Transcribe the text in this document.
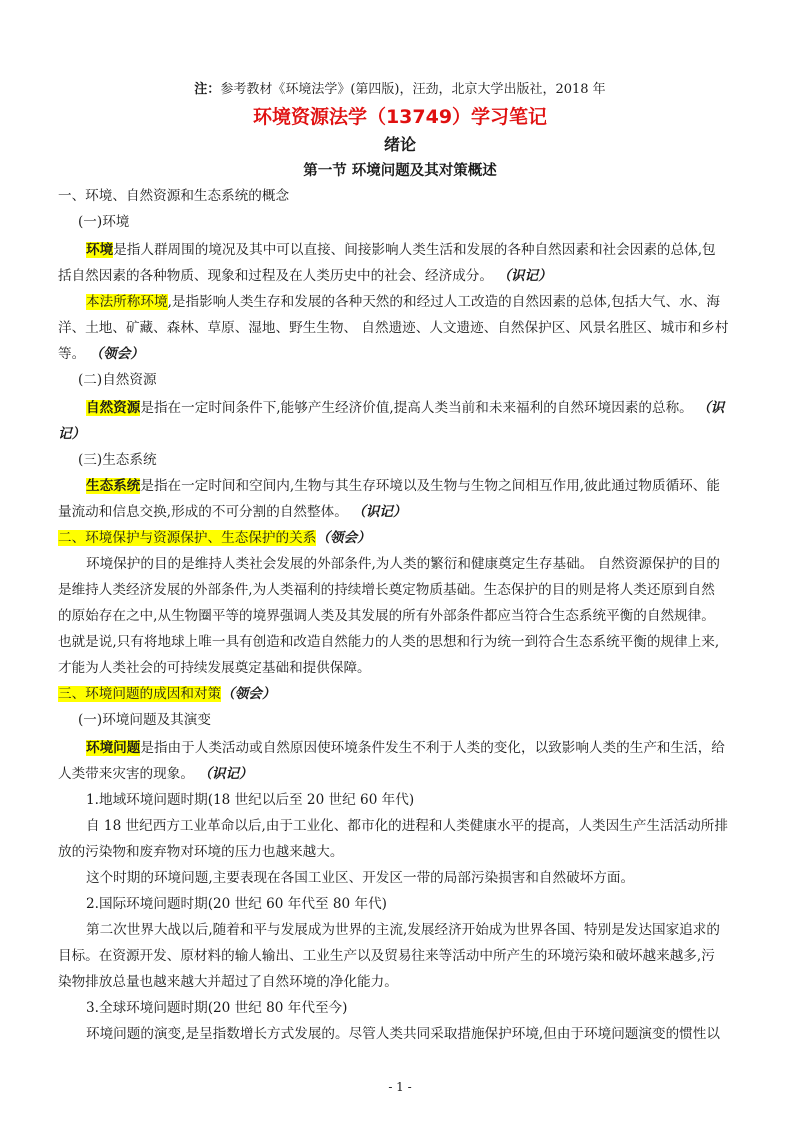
注：参考教材《环境法学》(第四版)，汪劲，北京大学出版社，2018 年
环境资源法学（13749）学习笔记
绪论
第一节 环境问题及其对策概述
一、环境、自然资源和生态系统的概念
(一)环境
环境是指人群周围的境况及其中可以直接、间接影响人类生活和发展的各种自然因素和社会因素的总体,包
括自然因素的各种物质、现象和过程及在人类历史中的社会、经济成分。 （识记）
本法所称环境,是指影响人类生存和发展的各种天然的和经过人工改造的自然因素的总体,包括大气、水、海
洋、土地、矿藏、森林、草原、湿地、野生生物、 自然遗迹、人文遗迹、自然保护区、风景名胜区、城市和乡村
等。 （领会）
(二)自然资源
自然资源是指在一定时间条件下,能够产生经济价值,提高人类当前和未来福利的自然环境因素的总称。 （识
记）
(三)生态系统
生态系统是指在一定时间和空间内,生物与其生存环境以及生物与生物之间相互作用,彼此通过物质循环、能
量流动和信息交换,形成的不可分割的自然整体。 （识记）
二、环境保护与资源保护、生态保护的关系（领会）
环境保护的目的是维持人类社会发展的外部条件,为人类的繁衍和健康奠定生存基础。 自然资源保护的目的
是维持人类经济发展的外部条件,为人类福利的持续增长奠定物质基础。生态保护的目的则是将人类还原到自然
的原始存在之中,从生物圈平等的境界强调人类及其发展的所有外部条件都应当符合生态系统平衡的自然规律。
也就是说,只有将地球上唯一具有创造和改造自然能力的人类的思想和行为统一到符合生态系统平衡的规律上来,
才能为人类社会的可持续发展奠定基础和提供保障。
三、环境问题的成因和对策（领会）
(一)环境问题及其演变
环境问题是指由于人类活动或自然原因使环境条件发生不利于人类的变化，以致影响人类的生产和生活，给
人类带来灾害的现象。 （识记）
1.地域环境问题时期(18 世纪以后至 20 世纪 60 年代)
自 18 世纪西方工业革命以后,由于工业化、都市化的进程和人类健康水平的提高，人类因生产生活活动所排
放的污染物和废弃物对环境的压力也越来越大。
这个时期的环境问题,主要表现在各国工业区、开发区一带的局部污染损害和自然破坏方面。
2.国际环境问题时期(20 世纪 60 年代至 80 年代)
第二次世界大战以后,随着和平与发展成为世界的主流,发展经济开始成为世界各国、特别是发达国家追求的
目标。在资源开发、原材料的输人输出、工业生产以及贸易往来等活动中所产生的环境污染和破坏越来越多,污
染物排放总量也越来越大并超过了自然环境的净化能力。
3.全球环境问题时期(20 世纪 80 年代至今)
环境问题的演变,是呈指数增长方式发展的。尽管人类共同采取措施保护环境,但由于环境问题演变的惯性以
- 1 -
